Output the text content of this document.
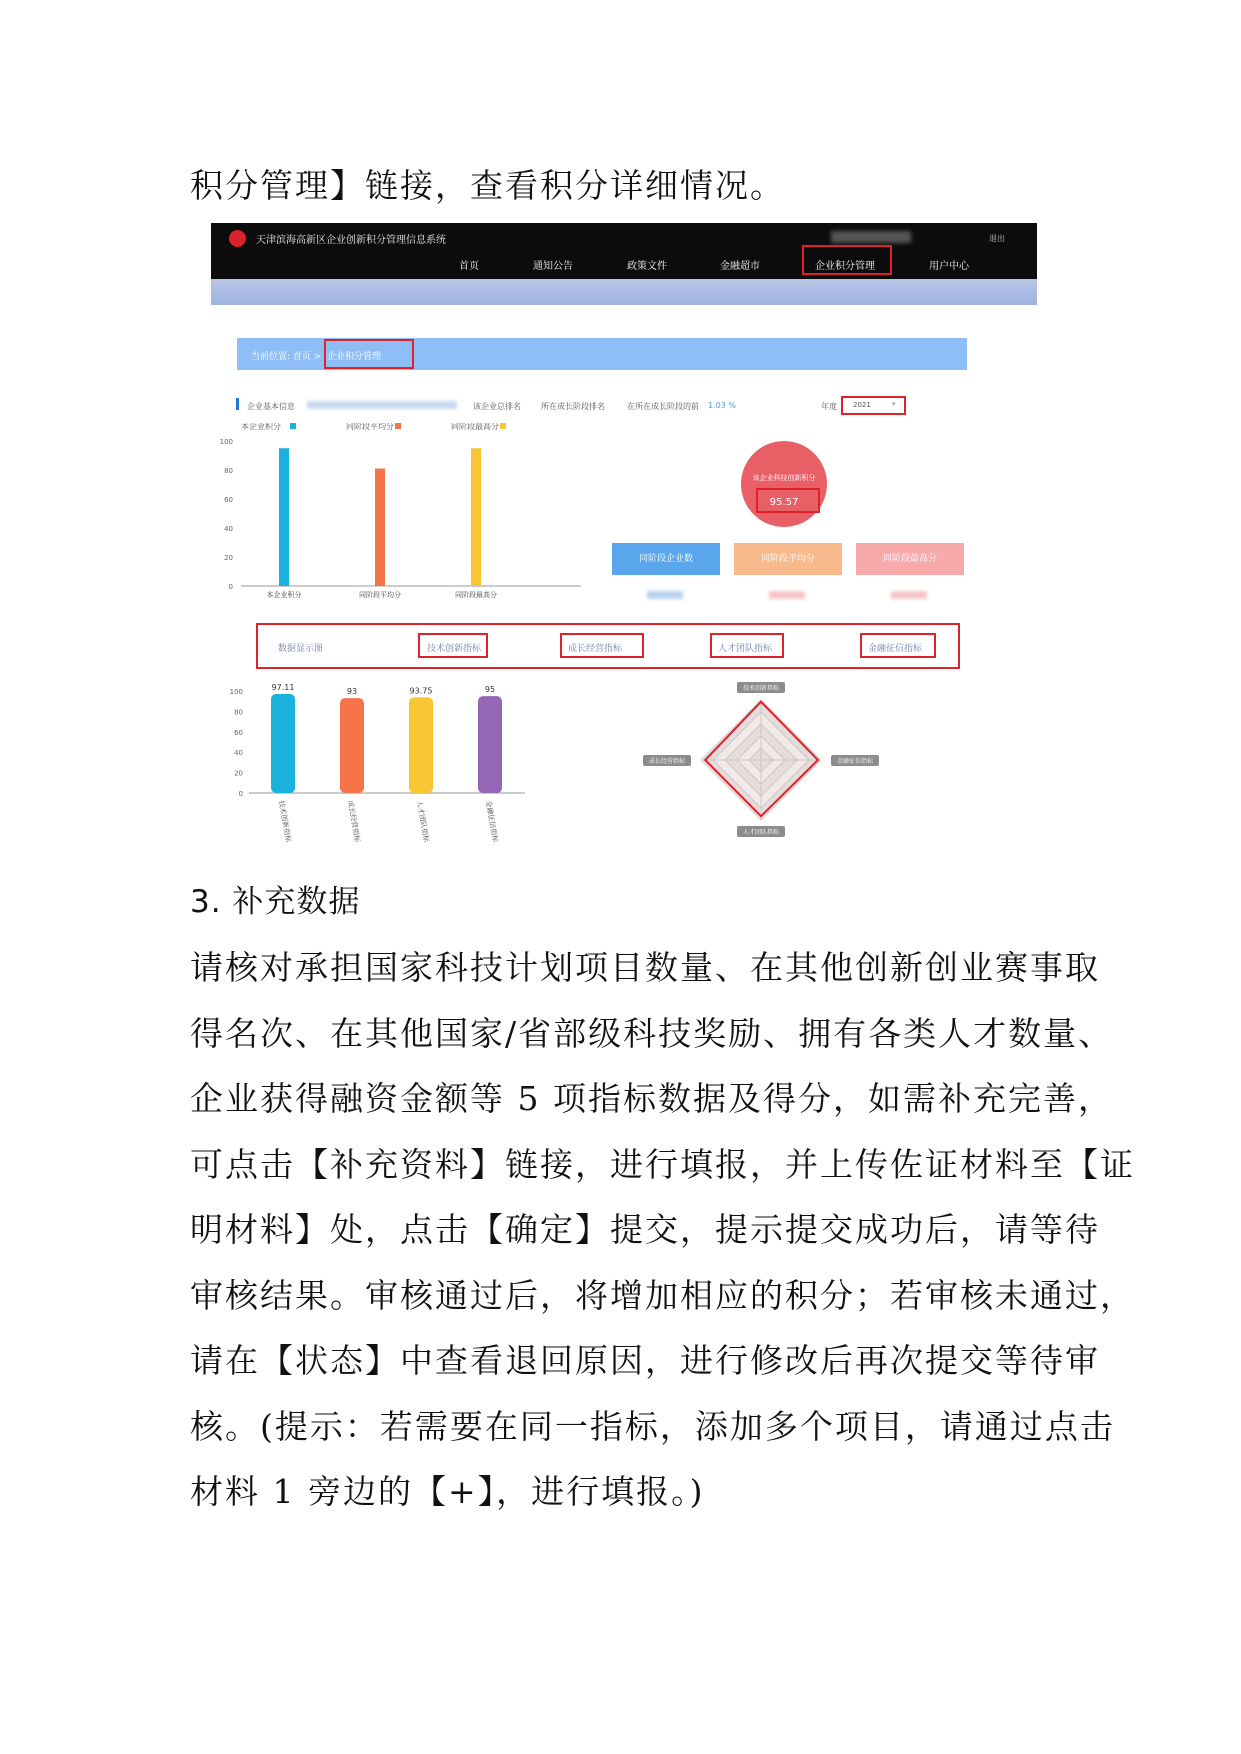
积分管理】链接，查看积分详细情况。
天津滨海高新区企业创新积分管理信息系统
首页	通知公告	政策文件	金融超市	企业积分管理	用户中心
退出
当前位置: 首页 > 企业积分管理
企业基本信息	该企业总排名	所在成长阶段排名	在所在成长阶段的前 1.03 %	年度 2021	▾
该企业科技创新积分
95.57
同阶段企业数	同阶段平均分	同阶段最高分
数据显示图	技术创新指标	成长经营指标	人才团队指标	金融征信指标
本企业积分	同阶段平均分	同阶段最高分
0
20
40
60
80
100
本企业积分	同阶段平均分	同阶段最高分
0
20
40
60
80
100
97.11
技术创新指标
93
成长经营指标
93.75
人才团队指标
95
金融征信指标
技术创新指标
金融征信指标
人才团队指标
成长经营指标
3. 补充数据
请核对承担国家科技计划项目数量、在其他创新创业赛事取
得名次、在其他国家/省部级科技奖励、拥有各类人才数量、
企业获得融资金额等 5 项指标数据及得分，如需补充完善，
可点击【补充资料】链接，进行填报，并上传佐证材料至【证
明材料】处，点击【确定】提交，提示提交成功后，请等待
审核结果。审核通过后，将增加相应的积分；若审核未通过，
请在【状态】中查看退回原因，进行修改后再次提交等待审
核。(提示：若需要在同一指标，添加多个项目，请通过点击
材料 1 旁边的【+】，进行填报。)
